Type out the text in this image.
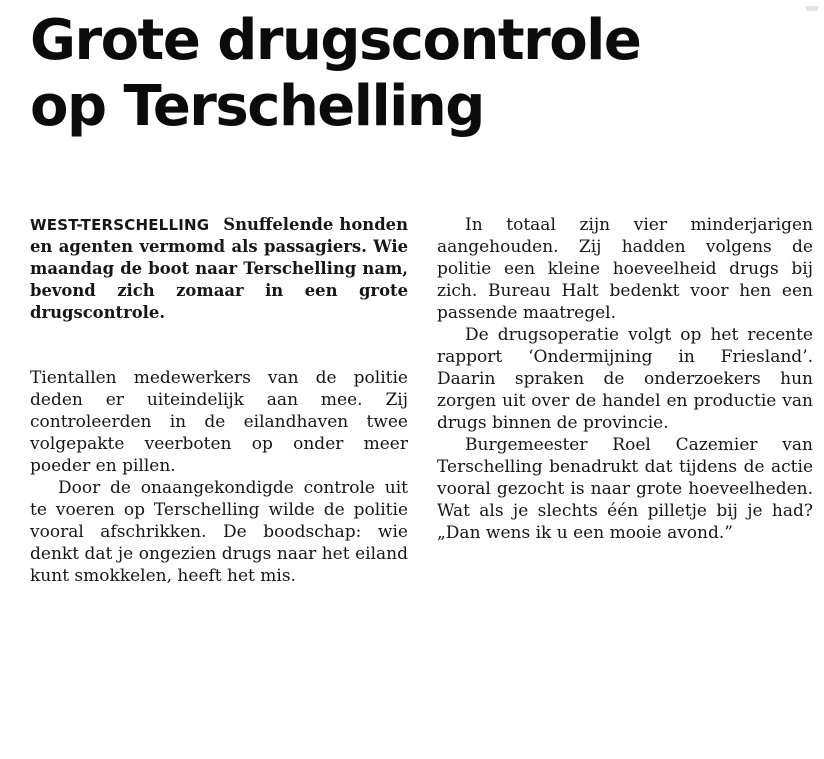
Grote drugscontrole
op Terschelling

WEST-TERSCHELLING Snuffelende honden en agenten vermomd als passagiers. Wie maandag de boot naar Terschelling nam, bevond zich zomaar in een grote drugscontrole.

Tientallen medewerkers van de politie deden er uiteindelijk aan mee. Zij controleerden in de eilandhaven twee volgepakte veerboten op onder meer poeder en pillen.

Door de onaangekondigde controle uit te voeren op Terschelling wilde de politie vooral afschrikken. De boodschap: wie denkt dat je ongezien drugs naar het eiland kunt smokkelen, heeft het mis.

In totaal zijn vier minderjarigen aangehouden. Zij hadden volgens de politie een kleine hoeveelheid drugs bij zich. Bureau Halt bedenkt voor hen een passende maatregel.

De drugsoperatie volgt op het recente rapport ‘Ondermijning in Friesland’. Daarin spraken de onderzoekers hun zorgen uit over de handel en productie van drugs binnen de provincie.

Burgemeester Roel Cazemier van Terschelling benadrukt dat tijdens de actie vooral gezocht is naar grote hoeveelheden. Wat als je slechts één pilletje bij je had? „Dan wens ik u een mooie avond.”
